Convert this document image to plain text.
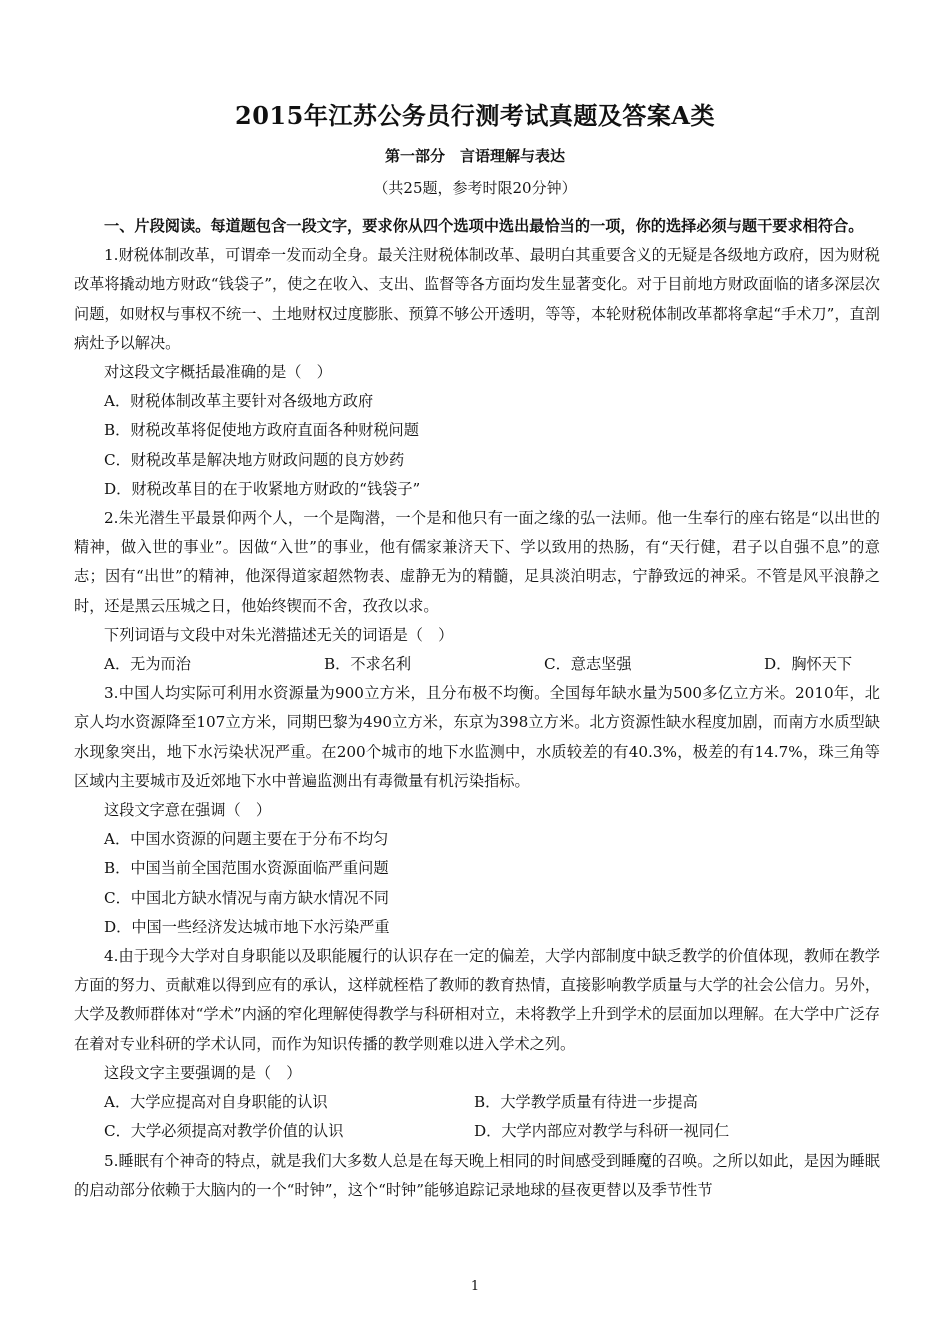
2015年江苏公务员行测考试真题及答案A类
第一部分　言语理解与表达
（共25题，参考时限20分钟）

一、片段阅读。每道题包含一段文字，要求你从四个选项中选出最恰当的一项，你的选择必须与题干要求相符合。

1.财税体制改革，可谓牵一发而动全身。最关注财税体制改革、最明白其重要含义的无疑是各级地方政府，因为财税改革将撬动地方财政“钱袋子”，使之在收入、支出、监督等各方面均发生显著变化。对于目前地方财政面临的诸多深层次问题，如财权与事权不统一、土地财权过度膨胀、预算不够公开透明，等等，本轮财税体制改革都将拿起“手术刀”，直剖病灶予以解决。

对这段文字概括最准确的是（　）

A．财税体制改革主要针对各级地方政府

B．财税改革将促使地方政府直面各种财税问题

C．财税改革是解决地方财政问题的良方妙药

D．财税改革目的在于收紧地方财政的“钱袋子”

2.朱光潜生平最景仰两个人，一个是陶潜，一个是和他只有一面之缘的弘一法师。他一生奉行的座右铭是“以出世的精神，做入世的事业”。因做“入世”的事业，他有儒家兼济天下、学以致用的热肠，有“天行健，君子以自强不息”的意志；因有“出世”的精神，他深得道家超然物表、虚静无为的精髓，足具淡泊明志，宁静致远的神采。不管是风平浪静之时，还是黑云压城之日，他始终锲而不舍，孜孜以求。

下列词语与文段中对朱光潜描述无关的词语是（　）

A．无为而治	B．不求名利	C．意志坚强	D．胸怀天下

3.中国人均实际可利用水资源量为900立方米，且分布极不均衡。全国每年缺水量为500多亿立方米。2010年，北京人均水资源降至107立方米，同期巴黎为490立方米，东京为398立方米。北方资源性缺水程度加剧，而南方水质型缺水现象突出，地下水污染状况严重。在200个城市的地下水监测中，水质较差的有40.3%，极差的有14.7%，珠三角等区域内主要城市及近郊地下水中普遍监测出有毒微量有机污染指标。

这段文字意在强调（　）

A．中国水资源的问题主要在于分布不均匀

B．中国当前全国范围水资源面临严重问题

C．中国北方缺水情况与南方缺水情况不同

D．中国一些经济发达城市地下水污染严重

4.由于现今大学对自身职能以及职能履行的认识存在一定的偏差，大学内部制度中缺乏教学的价值体现，教师在教学方面的努力、贡献难以得到应有的承认，这样就桎梏了教师的教育热情，直接影响教学质量与大学的社会公信力。另外，大学及教师群体对“学术”内涵的窄化理解使得教学与科研相对立，未将教学上升到学术的层面加以理解。在大学中广泛存在着对专业科研的学术认同，而作为知识传播的教学则难以进入学术之列。

这段文字主要强调的是（　）

A．大学应提高对自身职能的认识	B．大学教学质量有待进一步提高
C．大学必须提高对教学价值的认识	D．大学内部应对教学与科研一视同仁

5.睡眠有个神奇的特点，就是我们大多数人总是在每天晚上相同的时间感受到睡魔的召唤。之所以如此，是因为睡眠的启动部分依赖于大脑内的一个“时钟”，这个“时钟”能够追踪记录地球的昼夜更替以及季节性节

1
